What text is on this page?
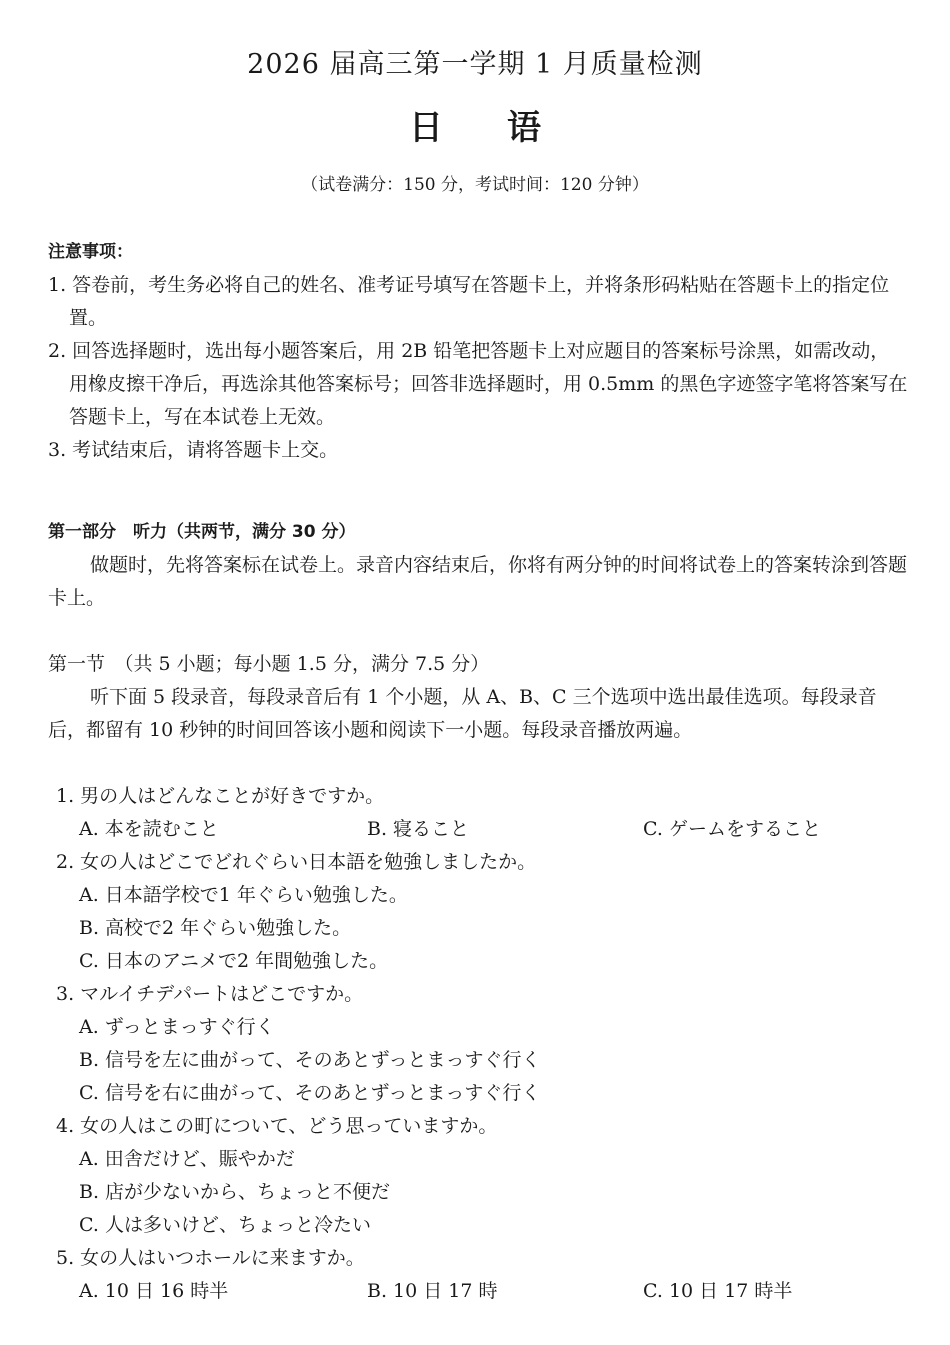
2026 届高三第一学期 1 月质量检测
日 语
（试卷满分：150 分，考试时间：120 分钟）
注意事项：
1. 答卷前，考生务必将自己的姓名、准考证号填写在答题卡上，并将条形码粘贴在答题卡上的指定位置。
2. 回答选择题时，选出每小题答案后，用 2B 铅笔把答题卡上对应题目的答案标号涂黑，如需改动，用橡皮擦干净后，再选涂其他答案标号；回答非选择题时，用 0.5mm 的黑色字迹签字笔将答案写在答题卡上，写在本试卷上无效。
3. 考试结束后，请将答题卡上交。
第一部分　听力（共两节，满分 30 分）
做题时，先将答案标在试卷上。录音内容结束后，你将有两分钟的时间将试卷上的答案转涂到答题卡上。
第一节　（共 5 小题；每小题 1.5 分，满分 7.5 分）
听下面 5 段录音，每段录音后有 1 个小题，从 A、B、C 三个选项中选出最佳选项。每段录音后，都留有 10 秒钟的时间回答该小题和阅读下一小题。每段录音播放两遍。
1. 男の人はどんなことが好きですか。
A. 本を読むこと	B. 寝ること	C. ゲームをすること
2. 女の人はどこでどれぐらい日本語を勉強しましたか。
A. 日本語学校で1 年ぐらい勉強した。
B. 高校で2 年ぐらい勉強した。
C. 日本のアニメで2 年間勉強した。
3. マルイチデパートはどこですか。
A. ずっとまっすぐ行く
B. 信号を左に曲がって、そのあとずっとまっすぐ行く
C. 信号を右に曲がって、そのあとずっとまっすぐ行く
4. 女の人はこの町について、どう思っていますか。
A. 田舎だけど、賑やかだ
B. 店が少ないから、ちょっと不便だ
C. 人は多いけど、ちょっと冷たい
5. 女の人はいつホールに来ますか。
A. 10 日 16 時半	B. 10 日 17 時	C. 10 日 17 時半
